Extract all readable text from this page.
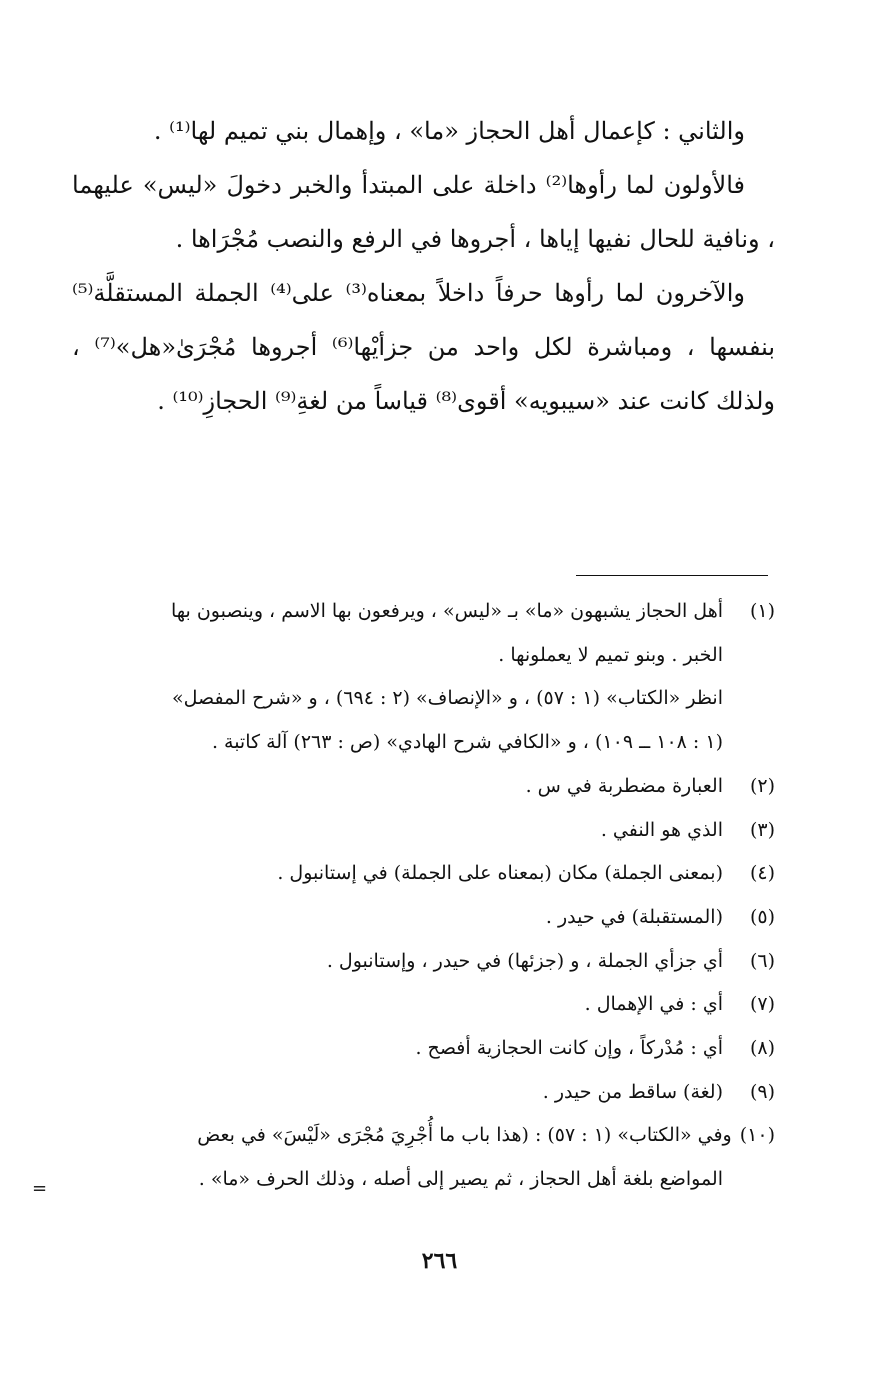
والثاني : كإعمال أهل الحجاز «ما» ، وإهمال بني تميم لها⁽¹⁾ .

فالأولون لما رأوها⁽²⁾ داخلة على المبتدأ والخبر دخولَ «ليس» عليهما ، ونافية للحال نفيها إياها ، أجروها في الرفع والنصب مُجْرَاها .

والآخرون لما رأوها حرفاً داخلاً بمعناه⁽³⁾ على⁽⁴⁾ الجملة المستقلَّة⁽⁵⁾ بنفسها ، ومباشرة لكل واحد من جزأيْها⁽⁶⁾ أجروها مُجْرَىٰ«هل»⁽⁷⁾ ، ولذلك كانت عند «سيبويه» أقوى⁽⁸⁾ قياساً من لغةِ⁽⁹⁾ الحجازِ⁽¹⁰⁾ .

(١)
أهل الحجاز يشبهون «ما» بـ «ليس» ، ويرفعون بها الاسم ، وينصبون بها
الخبر . وبنو تميم لا يعملونها .
انظر «الكتاب» (١ : ٥٧) ، و «الإنصاف» (٢ : ٦٩٤) ، و «شرح المفصل»
(١ : ١٠٨ ــ ١٠٩) ، و «الكافي شرح الهادي» (ص : ٢٦٣) آلة كاتبة .
(٢)
العبارة مضطربة في س .
(٣)
الذي هو النفي .
(٤)
(بمعنى الجملة) مكان (بمعناه على الجملة) في إستانبول .
(٥)
(المستقبلة) في حيدر .
(٦)
أي جزأي الجملة ، و (جزئها) في حيدر ، وإستانبول .
(٧)
أي : في الإهمال .
(٨)
أي : مُدْركاً ، وإن كانت الحجازية أفصح .
(٩)
(لغة) ساقط من حيدر .
(١٠)
وفي «الكتاب» (١ : ٥٧) : (هذا باب ما أُجْرِيَ مُجْرَى «لَيْسَ» في بعض
المواضع بلغة أهل الحجاز ، ثم يصير إلى أصله ، وذلك الحرف «ما» .
=
٢٦٦
